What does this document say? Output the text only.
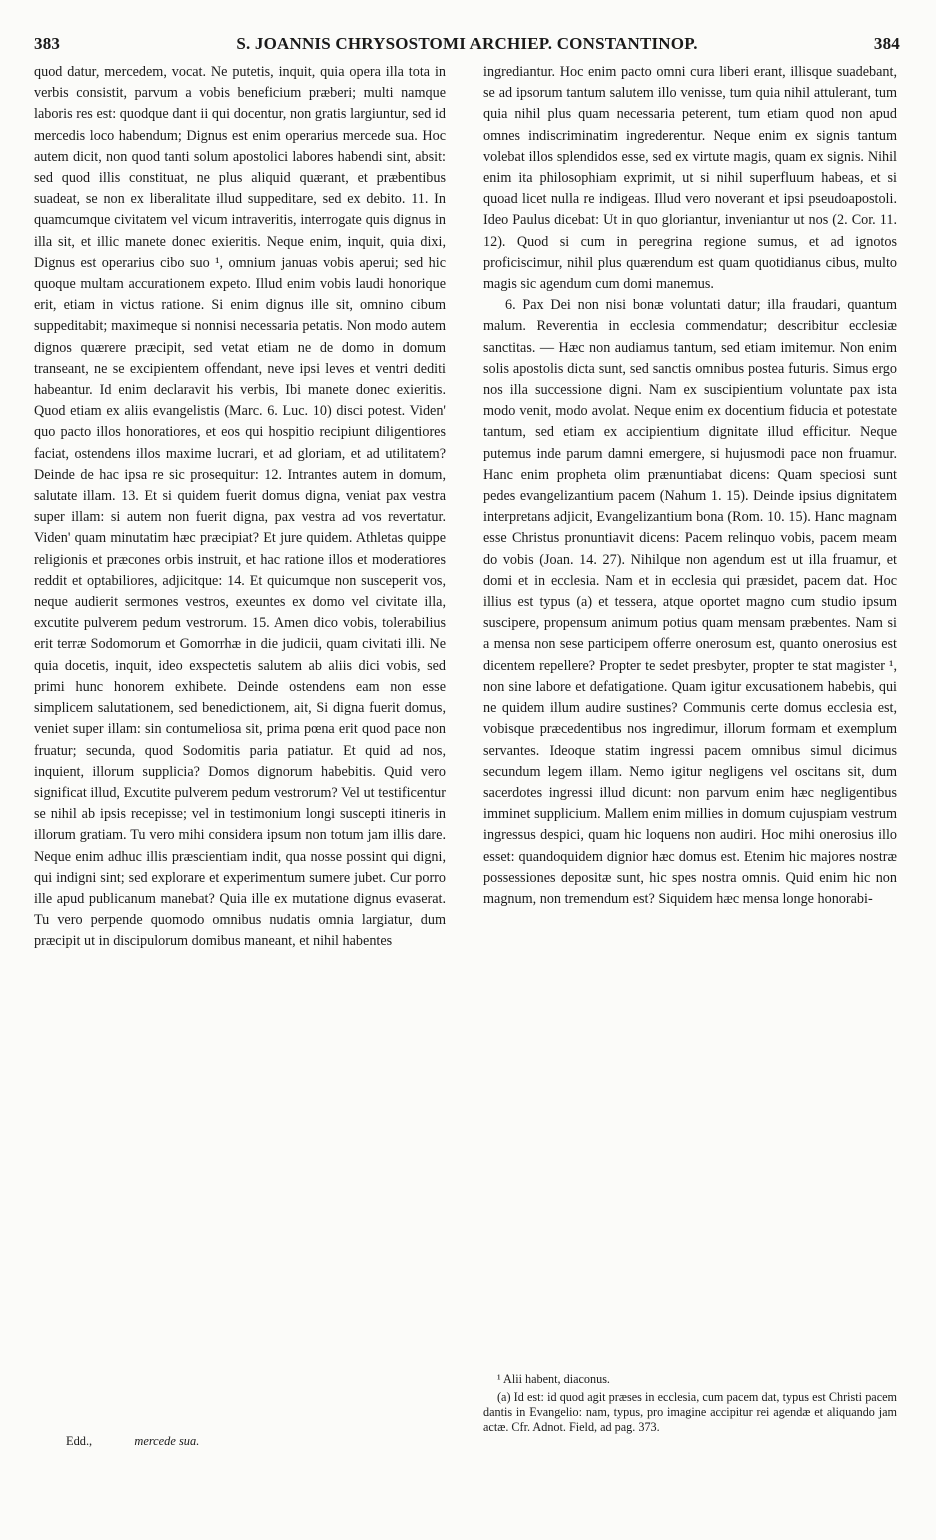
383	S. JOANNIS CHRYSOSTOMI ARCHIEP. CONSTANTINOP.	384

quod datur, mercedem, vocat. Ne putetis, inquit, quia opera illa tota in verbis consistit, parvum a vobis beneficium præberi; multi namque laboris res est: quodque dant ii qui docentur, non gratis largiuntur, sed id mercedis loco habendum; Dignus est enim operarius mercede sua. Hoc autem dicit, non quod tanti solum apostolici labores habendi sint, absit: sed quod illis constituat, ne plus aliquid quærant, et præbentibus suadeat, se non ex liberalitate illud suppeditare, sed ex debito. 11. In quamcumque civitatem vel vicum intraveritis, interrogate quis dignus in illa sit, et illic manete donec exieritis. Neque enim, inquit, quia dixi, Dignus est operarius cibo suo ¹, omnium januas vobis aperui; sed hic quoque multam accurationem expeto. Illud enim vobis laudi honorique erit, etiam in victus ratione. Si enim dignus ille sit, omnino cibum suppeditabit; maximeque si nonnisi necessaria petatis. Non modo autem dignos quærere præcipit, sed vetat etiam ne de domo in domum transeant, ne se excipientem offendant, neve ipsi leves et ventri dediti habeantur. Id enim declaravit his verbis, Ibi manete donec exieritis. Quod etiam ex aliis evangelistis (Marc. 6. Luc. 10) disci potest. Viden' quo pacto illos honoratiores, et eos qui hospitio recipiunt diligentiores faciat, ostendens illos maxime lucrari, et ad gloriam, et ad utilitatem? Deinde de hac ipsa re sic prosequitur: 12. Intrantes autem in domum, salutate illam. 13. Et si quidem fuerit domus digna, veniat pax vestra super illam: si autem non fuerit digna, pax vestra ad vos revertatur. Viden' quam minutatim hæc præcipiat? Et jure quidem. Athletas quippe religionis et præcones orbis instruit, et hac ratione illos et moderatiores reddit et optabiliores, adjicitque: 14. Et quicumque non susceperit vos, neque audierit sermones vestros, exeuntes ex domo vel civitate illa, excutite pulverem pedum vestrorum. 15. Amen dico vobis, tolerabilius erit terræ Sodomorum et Gomorrhæ in die judicii, quam civitati illi. Ne quia docetis, inquit, ideo exspectetis salutem ab aliis dici vobis, sed primi hunc honorem exhibete. Deinde ostendens eam non esse simplicem salutationem, sed benedictionem, ait, Si digna fuerit domus, veniet super illam: sin contumeliosa sit, prima pœna erit quod pace non fruatur; secunda, quod Sodomitis paria patiatur. Et quid ad nos, inquient, illorum supplicia? Domos dignorum habebitis. Quid vero significat illud, Excutite pulverem pedum vestrorum? Vel ut testificentur se nihil ab ipsis recepisse; vel in testimonium longi suscepti itineris in illorum gratiam. Tu vero mihi considera ipsum non totum jam illis dare. Neque enim adhuc illis præscientiam indit, qua nosse possint qui digni, qui indigni sint; sed explorare et experimentum sumere jubet. Cur porro ille apud publicanum manebat? Quia ille ex mutatione dignus evaserat. Tu vero perpende quomodo omnibus nudatis omnia largiatur, dum præcipit ut in discipulorum domibus maneant, et nihil habentes

ingrediantur. Hoc enim pacto omni cura liberi erant, illisque suadebant, se ad ipsorum tantum salutem illo venisse, tum quia nihil attulerant, tum quia nihil plus quam necessaria peterent, tum etiam quod non apud omnes indiscriminatim ingrederentur. Neque enim ex signis tantum volebat illos splendidos esse, sed ex virtute magis, quam ex signis. Nihil enim ita philosophiam exprimit, ut si nihil superfluum habeas, et si quoad licet nulla re indigeas. Illud vero noverant et ipsi pseudoapostoli. Ideo Paulus dicebat: Ut in quo gloriantur, inveniantur ut nos (2. Cor. 11. 12). Quod si cum in peregrina regione sumus, et ad ignotos proficiscimur, nihil plus quærendum est quam quotidianus cibus, multo magis sic agendum cum domi manemus.

6. Pax Dei non nisi bonæ voluntati datur; illa fraudari, quantum malum. Reverentia in ecclesia commendatur; describitur ecclesiæ sanctitas. — Hæc non audiamus tantum, sed etiam imitemur. Non enim solis apostolis dicta sunt, sed sanctis omnibus postea futuris. Simus ergo nos illa successione digni. Nam ex suscipientium voluntate pax ista modo venit, modo avolat. Neque enim ex docentium fiducia et potestate tantum, sed etiam ex accipientium dignitate illud efficitur. Neque putemus inde parum damni emergere, si hujusmodi pace non fruamur. Hanc enim propheta olim prænuntiabat dicens: Quam speciosi sunt pedes evangelizantium pacem (Nahum 1. 15). Deinde ipsius dignitatem interpretans adjicit, Evangelizantium bona (Rom. 10. 15). Hanc magnam esse Christus pronuntiavit dicens: Pacem relinquo vobis, pacem meam do vobis (Joan. 14. 27). Nihilque non agendum est ut illa fruamur, et domi et in ecclesia. Nam et in ecclesia qui præsidet, pacem dat. Hoc illius est typus (a) et tessera, atque oportet magno cum studio ipsum suscipere, propensum animum potius quam mensam præbentes. Nam si a mensa non sese participem offerre onerosum est, quanto onerosius est dicentem repellere? Propter te sedet presbyter, propter te stat magister ¹, non sine labore et defatigatione. Quam igitur excusationem habebis, qui ne quidem illum audire sustines? Communis certe domus ecclesia est, vobisque præcedentibus nos ingredimur, illorum formam et exemplum servantes. Ideoque statim ingressi pacem omnibus simul dicimus secundum legem illam. Nemo igitur negligens vel oscitans sit, dum sacerdotes ingressi illud dicunt: non parvum enim hæc negligentibus imminet supplicium. Mallem enim millies in domum cujuspiam vestrum ingressus despici, quam hic loquens non audiri. Hoc mihi onerosius illo esset: quandoquidem dignior hæc domus est. Etenim hic majores nostræ possessiones depositæ sunt, hic spes nostra omnis. Quid enim hic non magnum, non tremendum est? Siquidem hæc mensa longe honorabi-

¹ Alii habent, diaconus.

(a) Id est: id quod agit præses in ecclesia, cum pacem dat, typus est Christi pacem dantis in Evangelio: nam, typus, pro imagine accipitur rei agendæ et aliquando jam actæ. Cfr. Adnot. Field, ad pag. 373.

Edd.,	mercede sua.
